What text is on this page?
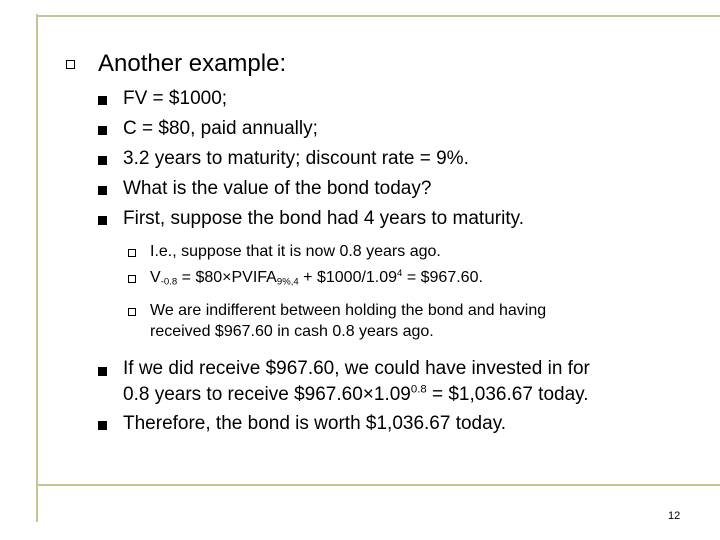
Another example:
FV = $1000;
C = $80, paid annually;
3.2 years to maturity; discount rate = 9%.
What is the value of the bond today?
First, suppose the bond had 4 years to maturity.
I.e., suppose that it is now 0.8 years ago.
$V_{-0.8}$ = $\$80\times PVIFA_{9\%,4}$ + $\$1000/1.09^4$ = $967.60.
We are indifferent between holding the bond and having
received $967.60 in cash 0.8 years ago.
If we did receive $967.60, we could have invested in for
0.8 years to receive $\$967.60\times 1.09^{0.8}$ = $1,036.67 today.
Therefore, the bond is worth $1,036.67 today.
12
